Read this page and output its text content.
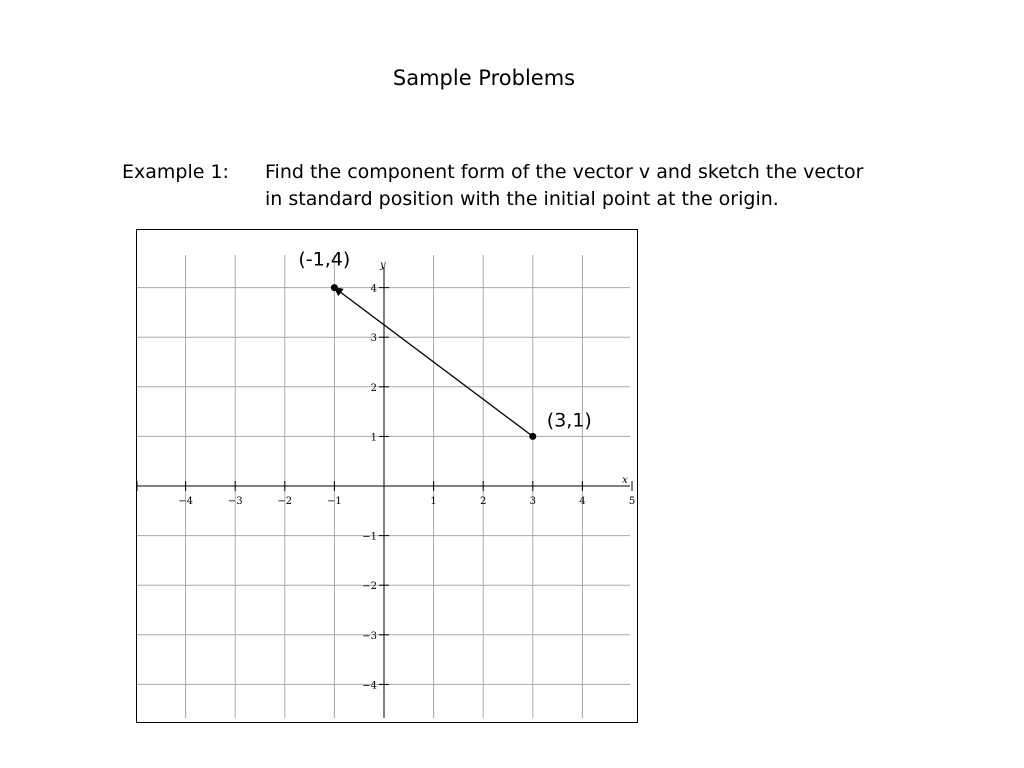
Sample Problems
Example 1: Find the component form of the vector v and sketch the vector
in standard position with the initial point at the origin.
x
y
−4	−3	−2	−1	1	2	3	4	5
4
3
2
1
−1
−2
−3
−4
(-1,4)
(3,1)
